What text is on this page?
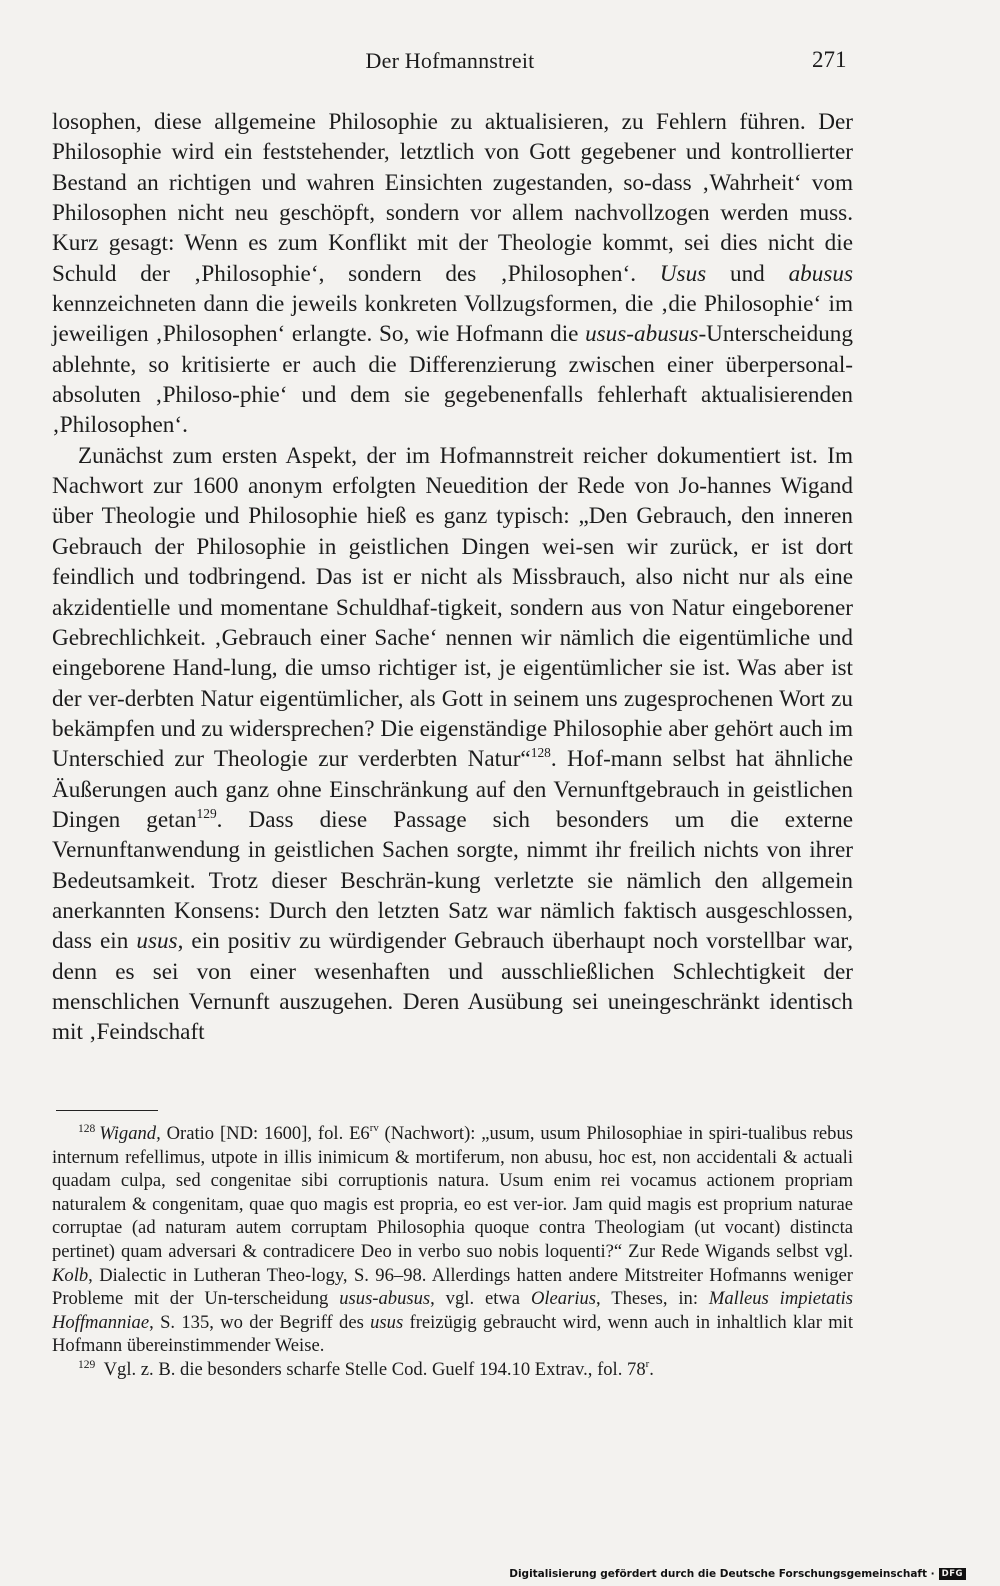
Der Hofmannstreit	271

losophen, diese allgemeine Philosophie zu aktualisieren, zu Fehlern führen. Der Philosophie wird ein feststehender, letztlich von Gott gegebener und kontrollierter Bestand an richtigen und wahren Einsichten zugestanden, so-dass ‚Wahrheit‘ vom Philosophen nicht neu geschöpft, sondern vor allem nachvollzogen werden muss. Kurz gesagt: Wenn es zum Konflikt mit der Theologie kommt, sei dies nicht die Schuld der ‚Philosophie‘, sondern des ‚Philosophen‘. Usus und abusus kennzeichneten dann die jeweils konkreten Vollzugsformen, die ‚die Philosophie‘ im jeweiligen ‚Philosophen‘ erlangte. So, wie Hofmann die usus-abusus-Unterscheidung ablehnte, so kritisierte er auch die Differenzierung zwischen einer überpersonal-absoluten ‚Philoso-phie‘ und dem sie gegebenenfalls fehlerhaft aktualisierenden ‚Philosophen‘.

Zunächst zum ersten Aspekt, der im Hofmannstreit reicher dokumentiert ist. Im Nachwort zur 1600 anonym erfolgten Neuedition der Rede von Jo-hannes Wigand über Theologie und Philosophie hieß es ganz typisch: „Den Gebrauch, den inneren Gebrauch der Philosophie in geistlichen Dingen wei-sen wir zurück, er ist dort feindlich und todbringend. Das ist er nicht als Missbrauch, also nicht nur als eine akzidentielle und momentane Schuldhaf-tigkeit, sondern aus von Natur eingeborener Gebrechlichkeit. ‚Gebrauch einer Sache‘ nennen wir nämlich die eigentümliche und eingeborene Hand-lung, die umso richtiger ist, je eigentümlicher sie ist. Was aber ist der ver-derbten Natur eigentümlicher, als Gott in seinem uns zugesprochenen Wort zu bekämpfen und zu widersprechen? Die eigenständige Philosophie aber gehört auch im Unterschied zur Theologie zur verderbten Natur“$^{128}$. Hof-mann selbst hat ähnliche Äußerungen auch ganz ohne Einschränkung auf den Vernunftgebrauch in geistlichen Dingen getan$^{129}$. Dass diese Passage sich besonders um die externe Vernunftanwendung in geistlichen Sachen sorgte, nimmt ihr freilich nichts von ihrer Bedeutsamkeit. Trotz dieser Beschrän-kung verletzte sie nämlich den allgemein anerkannten Konsens: Durch den letzten Satz war nämlich faktisch ausgeschlossen, dass ein usus, ein positiv zu würdigender Gebrauch überhaupt noch vorstellbar war, denn es sei von einer wesenhaften und ausschließlichen Schlechtigkeit der menschlichen Vernunft auszugehen. Deren Ausübung sei uneingeschränkt identisch mit ‚Feindschaft

$^{128}$ Wigand, Oratio [ND: 1600], fol. $E6^{rv}$ (Nachwort): „usum, usum Philosophiae in spiri-tualibus rebus internum refellimus, utpote in illis inimicum & mortiferum, non abusu, hoc est, non accidentali & actuali quadam culpa, sed congenitae sibi corruptionis natura. Usum enim rei vocamus actionem propriam naturalem & congenitam, quae quo magis est propria, eo est ver-ior. Jam quid magis est proprium naturae corruptae (ad naturam autem corruptam Philosophia quoque contra Theologiam (ut vocant) distincta pertinet) quam adversari & contradicere Deo in verbo suo nobis loquenti?“ Zur Rede Wigands selbst vgl. Kolb, Dialectic in Lutheran Theo-logy, S. 96–98. Allerdings hatten andere Mitstreiter Hofmanns weniger Probleme mit der Un-terscheidung usus-abusus, vgl. etwa Olearius, Theses, in: Malleus impietatis Hoffmanniae, S. 135, wo der Begriff des usus freizügig gebraucht wird, wenn auch in inhaltlich klar mit Hofmann übereinstimmender Weise.

$^{129}$ Vgl. z. B. die besonders scharfe Stelle Cod. Guelf 194.10 Extrav., fol. 78$^r$.

Digitalisierung gefördert durch die Deutsche Forschungsgemeinschaft · DFG
